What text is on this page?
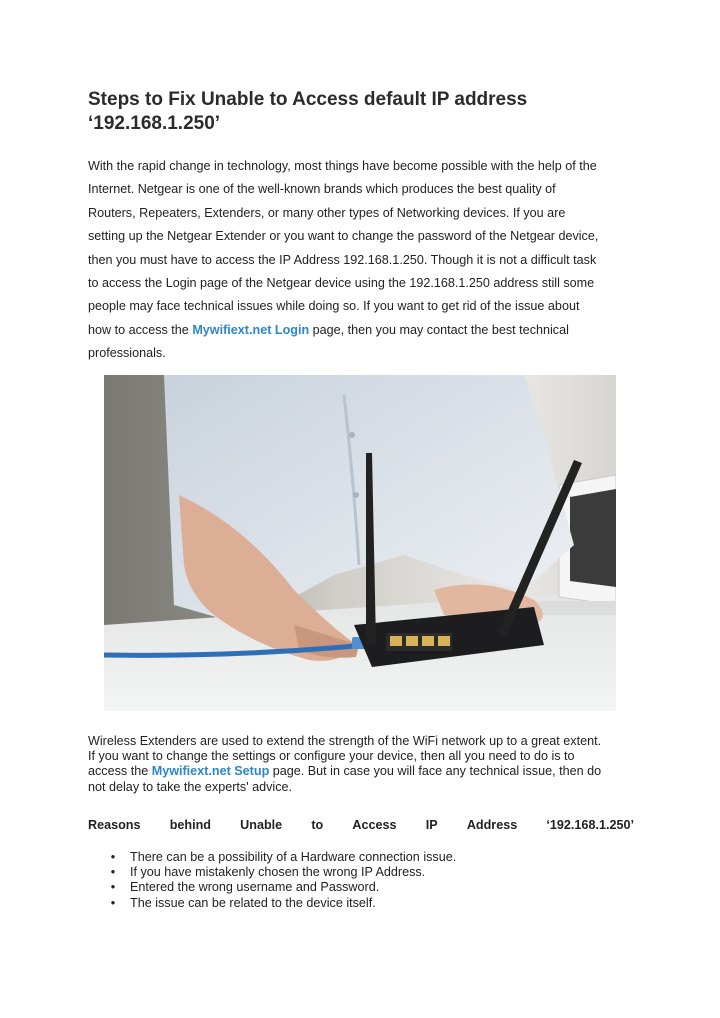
Steps to Fix Unable to Access default IP address
‘192.168.1.250’

With the rapid change in technology, most things have become possible with the help of the
Internet. Netgear is one of the well-known brands which produces the best quality of
Routers, Repeaters, Extenders, or many other types of Networking devices. If you are
setting up the Netgear Extender or you want to change the password of the Netgear device,
then you must have to access the IP Address 192.168.1.250. Though it is not a difficult task
to access the Login page of the Netgear device using the 192.168.1.250 address still some
people may face technical issues while doing so. If you want to get rid of the issue about
how to access the Mywifiext.net Login page, then you may contact the best technical
professionals.

Wireless Extenders are used to extend the strength of the WiFi network up to a great extent.
If you want to change the settings or configure your device, then all you need to do is to
access the Mywifiext.net Setup page. But in case you will face any technical issue, then do
not delay to take the experts' advice.

Reasons behind Unable to Access IP Address ‘192.168.1.250’
• There can be a possibility of a Hardware connection issue.
• If you have mistakenly chosen the wrong IP Address.
• Entered the wrong username and Password.
• The issue can be related to the device itself.
